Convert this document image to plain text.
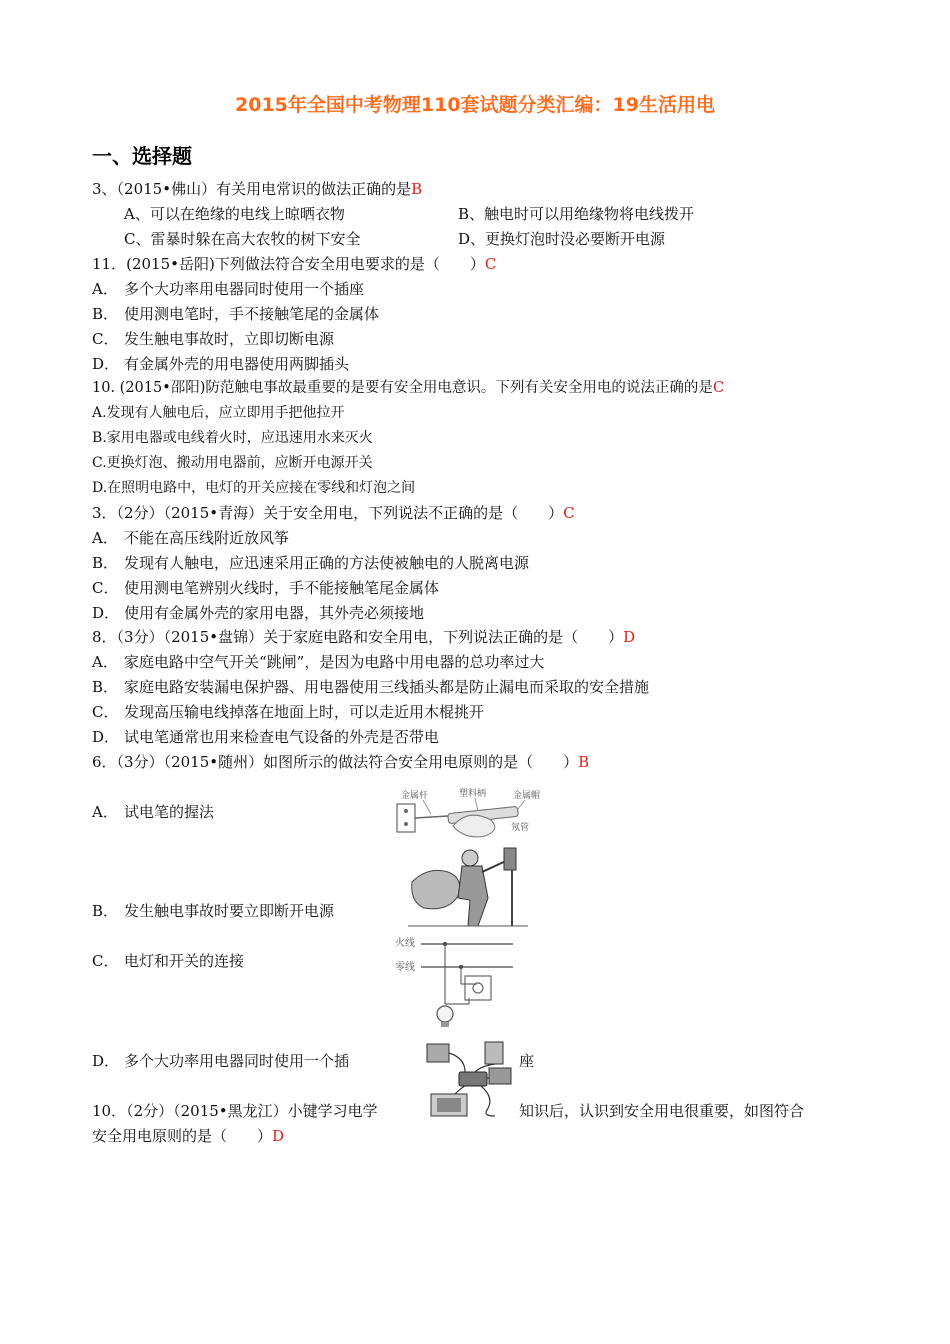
2015年全国中考物理110套试题分类汇编：19生活用电
一、选择题
3、（2015•佛山）有关用电常识的做法正确的是B
A、可以在绝缘的电线上晾晒衣物	B、触电时可以用绝缘物将电线拨开
C、雷暴时躲在高大农牧的树下安全	D、更换灯泡时没必要断开电源
11．(2015•岳阳)下列做法符合安全用电要求的是（　　）C
A． 多个大功率用电器同时使用一个插座
B． 使用测电笔时，手不接触笔尾的金属体
C． 发生触电事故时，立即切断电源
D． 有金属外壳的用电器使用两脚插头
10. (2015•邵阳)防范触电事故最重要的是要有安全用电意识。下列有关安全用电的说法正确的是C
A.发现有人触电后，应立即用手把他拉开
B.家用电器或电线着火时，应迅速用水来灭火
C.更换灯泡、搬动用电器前，应断开电源开关
D.在照明电路中，电灯的开关应接在零线和灯泡之间
3．（2分）（2015•青海）关于安全用电，下列说法不正确的是（　　）C
A． 不能在高压线附近放风筝
B． 发现有人触电，应迅速采用正确的方法使被触电的人脱离电源
C． 使用测电笔辨别火线时，手不能接触笔尾金属体
D． 使用有金属外壳的家用电器，其外壳必须接地
8．（3分）（2015•盘锦）关于家庭电路和安全用电，下列说法正确的是（　　）D
A． 家庭电路中空气开关“跳闸”，是因为电路中用电器的总功率过大
B． 家庭电路安装漏电保护器、用电器使用三线插头都是防止漏电而采取的安全措施
C． 发现高压输电线掉落在地面上时，可以走近用木棍挑开
D． 试电笔通常也用来检查电气设备的外壳是否带电
6．（3分）（2015•随州）如图所示的做法符合安全用电原则的是（　　）B
A． 试电笔的握法
B． 发生触电事故时要立即断开电源
C． 电灯和开关的连接
D． 多个大功率用电器同时使用一个插	座
金属杆	塑料柄	金属帽
氖管
火线
零线
10．（2分）（2015•黑龙江）小键学习电学	知识后，认识到安全用电很重要，如图符合
安全用电原则的是（　　）D
